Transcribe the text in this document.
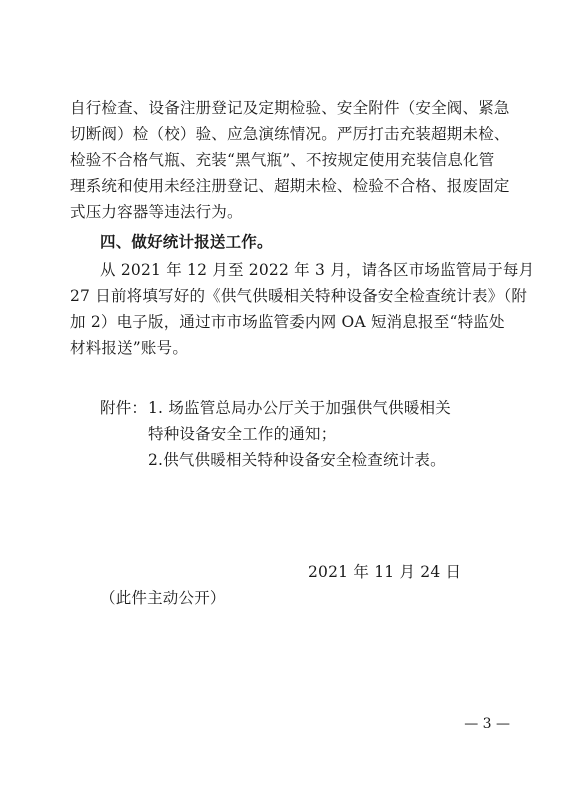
自行检查、设备注册登记及定期检验、安全附件（安全阀、紧急
切断阀）检（校）验、应急演练情况。严厉打击充装超期未检、
检验不合格气瓶、充装“黑气瓶”、不按规定使用充装信息化管
理系统和使用未经注册登记、超期未检、检验不合格、报废固定
式压力容器等违法行为。
四、做好统计报送工作。
从 2021 年 12 月至 2022 年 3 月，请各区市场监管局于每月
27 日前将填写好的《供气供暖相关特种设备安全检查统计表》（附
加 2）电子版，通过市市场监管委内网 OA 短消息报至“特监处
材料报送”账号。
附件： 1. 场监管总局办公厅关于加强供气供暖相关
特种设备安全工作的通知；
2.供气供暖相关特种设备安全检查统计表。
2021 年 11 月 24 日
（此件主动公开）
— 3 —
